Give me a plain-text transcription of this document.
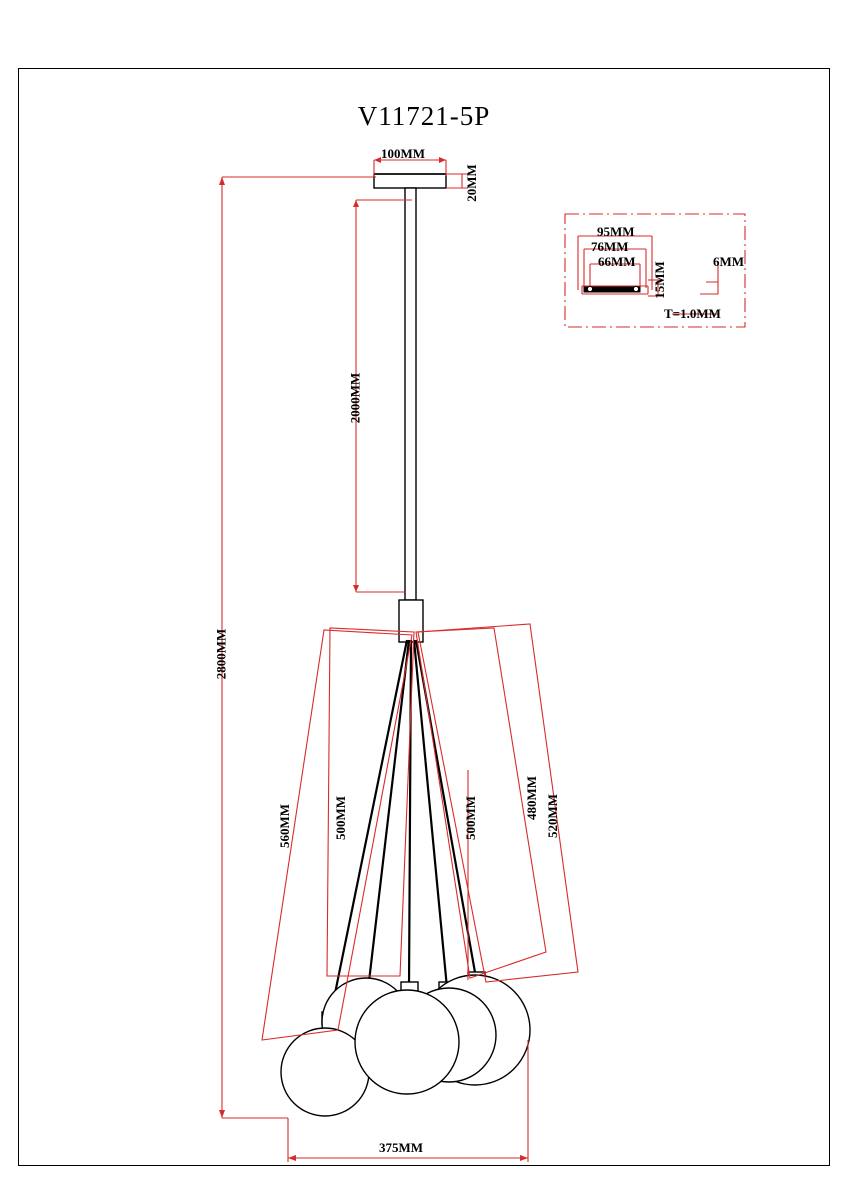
V11721-5P
100MM
20MM
2000MM
2800MM
375MM
560MM	500MM	500MM	480MM 520MM
95MM
76MM
66MM 15MM	6MM
T=1.0MM
